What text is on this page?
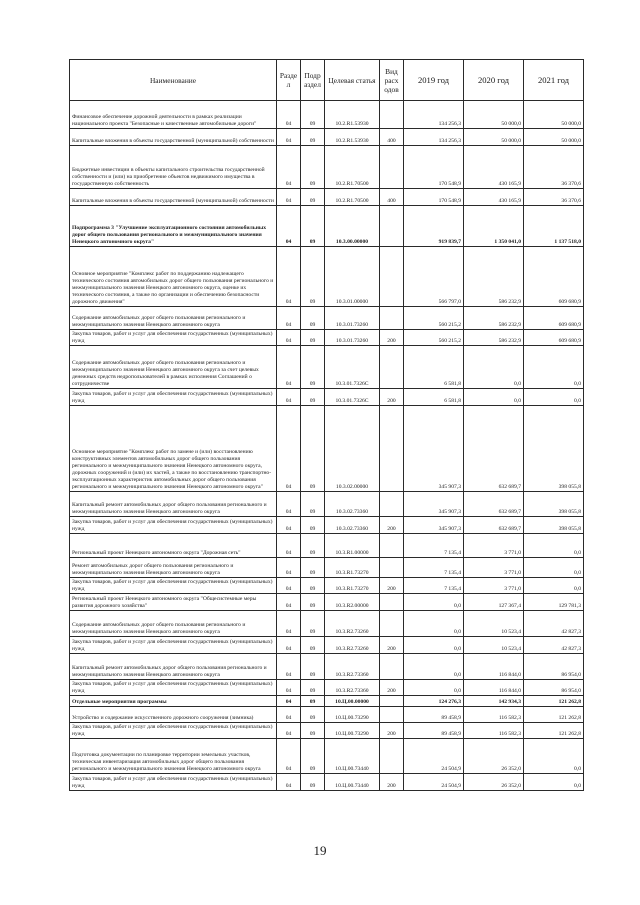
Наименование	Разде л	Подр аздел	Целевая статья	Вид расх одов	2019 год	2020 год	2021 год
Финансовое обеспечение дорожной деятельности в рамках реализации национального проекта "Безопасные и качественные автомобильные дороги"	04	09	10.2.R1.53930		134 256,3	50 000,0	50 000,0
Капитальные вложения в объекты государственной (муниципальной) собственности	04	09	10.2.R1.53930	400	134 256,3	50 000,0	50 000,0
Бюджетные инвестиции в объекты капитального строительства государственной собственности и (или) на приобретение объектов недвижимого имущества в государственную собственность	04	09	10.2.R1.70500		170 548,9	430 165,9	36 370,6
Капитальные вложения в объекты государственной (муниципальной) собственности	04	09	10.2.R1.70500	400	170 548,9	430 165,9	36 370,6
Подпрограмма 3 "Улучшение эксплуатационного состояния автомобильных дорог общего пользования регионального и межмуниципального значения Ненецкого автономного округа"	04	09	10.3.00.00000		919 839,7	1 350 041,0	1 137 518,0
Основное мероприятие "Комплекс работ по поддержанию надлежащего технического состояния автомобильных дорог общего пользования регионального и межмуниципального значения Ненецкого автономного округа, оценке их технического состояния, а также по организации и обеспечению безопасности дорожного движения"	04	09	10.3.01.00000		566 797,0	586 232,9	609 680,9
Содержание автомобильных дорог общего пользования регионального и межмуниципального значения Ненецкого автономного округа	04	09	10.3.01.73260		560 215,2	586 232,9	609 680,9
Закупка товаров, работ и услуг для обеспечения государственных (муниципальных) нужд	04	09	10.3.01.73260	200	560 215,2	586 232,9	609 680,9
Содержание автомобильных дорог общего пользования регионального и межмуниципального значения Ненецкого автономного округа за счет целевых денежных средств недропользователей в рамках исполнения Соглашений о сотрудничестве	04	09	10.3.01.7326С		6 581,8	0,0	0,0
Закупка товаров, работ и услуг для обеспечения государственных (муниципальных) нужд	04	09	10.3.01.7326С	200	6 581,8	0,0	0,0
Основное мероприятие "Комплекс работ по замене и (или) восстановлению конструктивных элементов автомобильных дорог общего пользования регионального и межмуниципального значения Ненецкого автономного округа, дорожных сооружений и (или) их частей, а также по восстановлению транспортно-эксплуатационных характеристик автомобильных дорог общего пользования регионального и межмуниципального значения Ненецкого автономного округа"	04	09	10.3.02.00000		345 907,3	632 689,7	398 055,8
Капитальный ремонт автомобильных дорог общего пользования регионального и межмуниципального значения Ненецкого автономного округа	04	09	10.3.02.73360		345 907,3	632 689,7	398 055,8
Закупка товаров, работ и услуг для обеспечения государственных (муниципальных) нужд	04	09	10.3.02.73360	200	345 907,3	632 689,7	398 055,8
Региональный проект Ненецкого автономного округа "Дорожная сеть"	04	09	10.3.R1.00000		7 135,4	3 771,0	0,0
Ремонт автомобильных дорог общего пользования регионального и межмуниципального значения Ненецкого автономного округа	04	09	10.3.R1.73270		7 135,4	3 771,0	0,0
Закупка товаров, работ и услуг для обеспечения государственных (муниципальных) нужд	04	09	10.3.R1.73270	200	7 135,4	3 771,0	0,0
Региональный проект Ненецкого автономного округа "Общесистемные меры развития дорожного хозяйства"	04	09	10.3.R2.00000		0,0	127 367,4	129 781,3
Содержание автомобильных дорог общего пользования регионального и межмуниципального значения Ненецкого автономного округа	04	09	10.3.R2.73260		0,0	10 523,4	42 827,3
Закупка товаров, работ и услуг для обеспечения государственных (муниципальных) нужд	04	09	10.3.R2.73260	200	0,0	10 523,4	42 827,3
Капитальный ремонт автомобильных дорог общего пользования регионального и межмуниципального значения Ненецкого автономного округа	04	09	10.3.R2.73360		0,0	116 844,0	86 954,0
Закупка товаров, работ и услуг для обеспечения государственных (муниципальных) нужд	04	09	10.3.R2.73360	200	0,0	116 844,0	86 954,0
Отдельные мероприятия программы	04	09	10.Ц.00.00000		124 276,3	142 934,3	121 262,8
Устройство и содержание искусственного дорожного сооружения (зимника)	04	09	10.Ц.00.73290		89 458,9	116 582,3	121 262,8
Закупка товаров, работ и услуг для обеспечения государственных (муниципальных) нужд	04	09	10.Ц.00.73290	200	89 458,9	116 582,3	121 262,8
Подготовка документации по планировке территории земельных участков, техническая инвентаризация автомобильных дорог общего пользования регионального и межмуниципального значения Ненецкого автономного округа	04	09	10.Ц.00.73440		24 504,9	26 352,0	0,0
Закупка товаров, работ и услуг для обеспечения государственных (муниципальных) нужд	04	09	10.Ц.00.73440	200	24 504,9	26 352,0	0,0
19
